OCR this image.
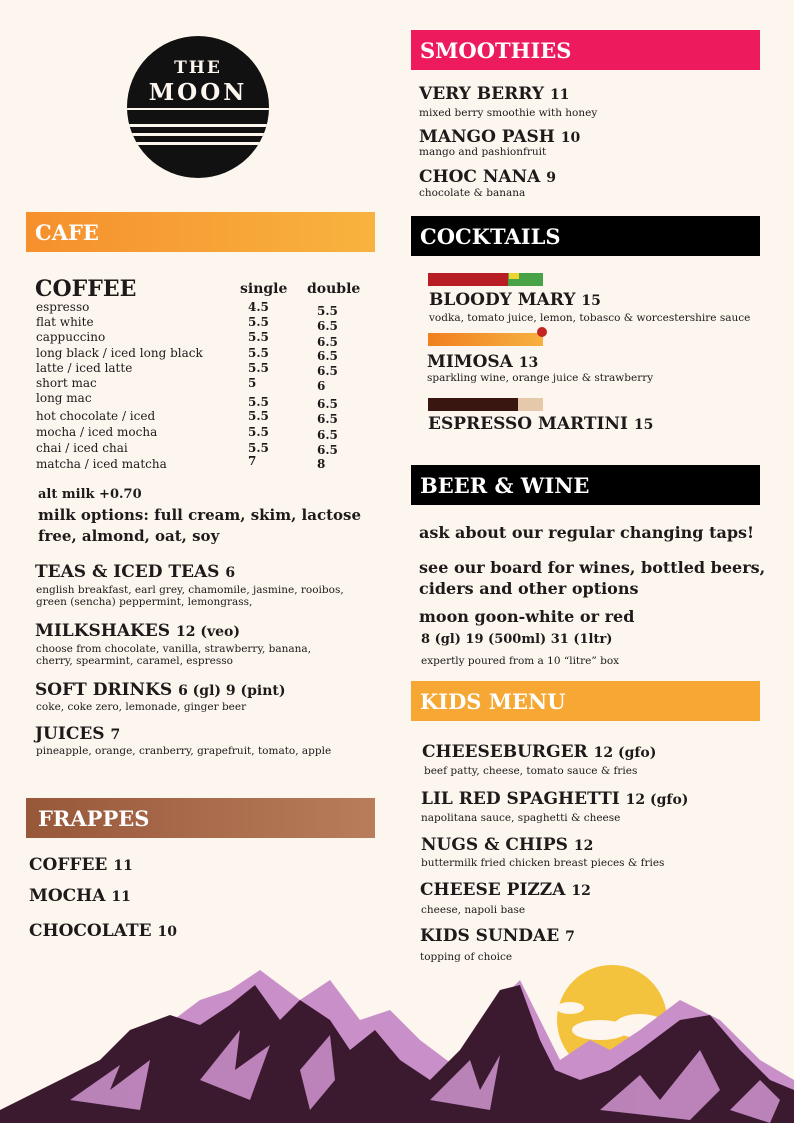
THE
MOON
CAFE
COFFEE	single double
espresso	4.5	5.5
flat white	5.5	6.5
cappuccino	5.5	6.5
long black / iced long black	5.5	6.5
latte / iced latte	5.5	6.5
short mac	5	6
long mac	5.5	6.5
hot chocolate / iced	5.5	6.5
mocha / iced mocha	5.5	6.5
chai / iced chai	5.5	6.5
matcha / iced matcha	7	8
alt milk +0.70
milk options: full cream, skim, lactose free, almond, oat, soy
TEAS & ICED TEAS 6
english breakfast, earl grey, chamomile, jasmine, rooibos, green (sencha) peppermint, lemongrass,
MILKSHAKES 12 (veo)
choose from chocolate, vanilla, strawberry, banana, cherry, spearmint, caramel, espresso
SOFT DRINKS 6 (gl) 9 (pint)
coke, coke zero, lemonade, ginger beer
JUICES 7
pineapple, orange, cranberry, grapefruit, tomato, apple
FRAPPES
COFFEE 11
MOCHA 11
CHOCOLATE 10
SMOOTHIES
VERY BERRY 11
mixed berry smoothie with honey
MANGO PASH 10
mango and pashionfruit
CHOC NANA 9
chocolate & banana
COCKTAILS
BLOODY MARY 15
vodka, tomato juice, lemon, tobasco & worcestershire sauce
MIMOSA 13
sparkling wine, orange juice & strawberry
ESPRESSO MARTINI 15
BEER & WINE
ask about our regular changing taps!
see our board for wines, bottled beers, ciders and other options
moon goon-white or red
8 (gl) 19 (500ml) 31 (1ltr)
expertly poured from a 10 “litre” box
KIDS MENU
CHEESEBURGER 12 (gfo)
beef patty, cheese, tomato sauce & fries
LIL RED SPAGHETTI 12 (gfo)
napolitana sauce, spaghetti & cheese
NUGS & CHIPS 12
buttermilk fried chicken breast pieces & fries
CHEESE PIZZA 12
cheese, napoli base
KIDS SUNDAE 7
topping of choice
